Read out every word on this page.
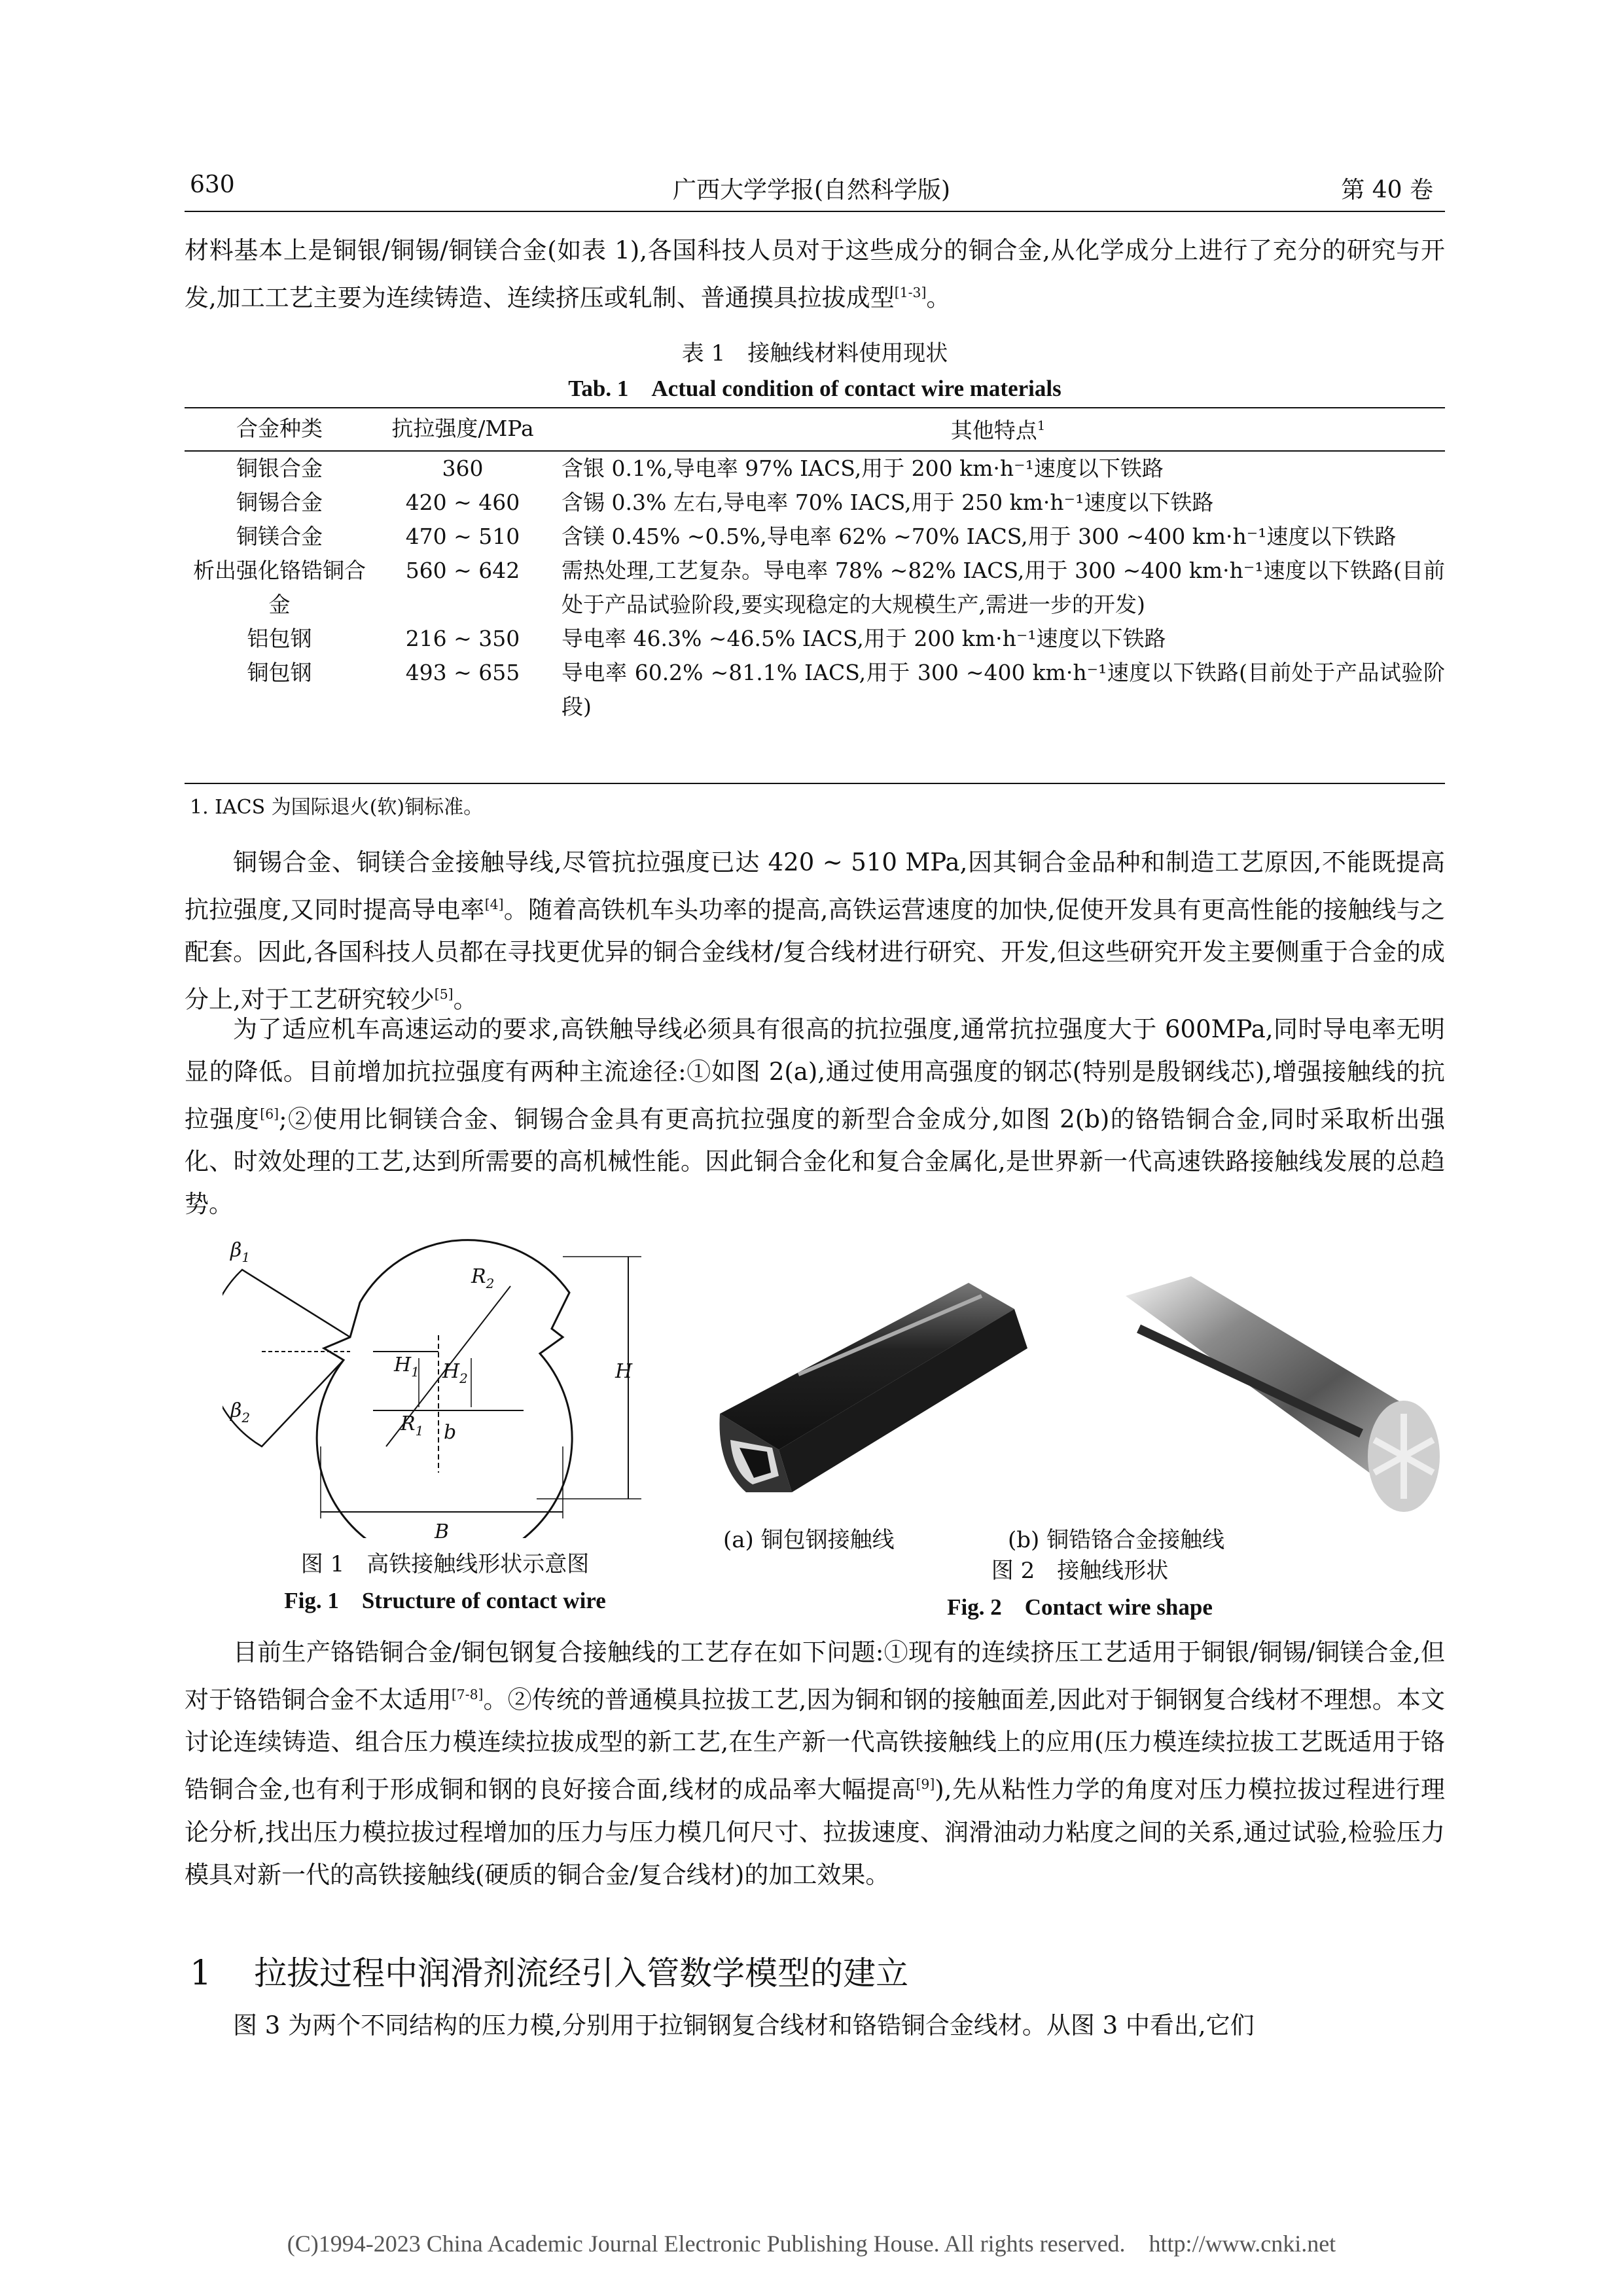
630	广西大学学报(自然科学版)	第 40 卷

材料基本上是铜银/铜锡/铜镁合金(如表 1),各国科技人员对于这些成分的铜合金,从化学成分上进行了充分的研究与开发,加工工艺主要为连续铸造、连续挤压或轧制、普通摸具拉拔成型[1-3]。

表 1　接触线材料使用现状
Tab. 1　Actual condition of contact wire materials
合金种类	抗拉强度/MPa	其他特点$^1$
铜银合金	360	含银 0.1%,导电率 97% IACS,用于 200 km·h⁻¹速度以下铁路
铜锡合金	420 ~ 460	含锡 0.3% 左右,导电率 70% IACS,用于 250 km·h⁻¹速度以下铁路
铜镁合金	470 ~ 510	含镁 0.45% ~0.5%,导电率 62% ~70% IACS,用于 300 ~400 km·h⁻¹速度以下铁路
析出强化铬锆铜合金	560 ~ 642	需热处理,工艺复杂。导电率 78% ~82% IACS,用于 300 ~400 km·h⁻¹速度以下铁路(目前处于产品试验阶段,要实现稳定的大规模生产,需进一步的开发)
铝包钢	216 ~ 350	导电率 46.3% ~46.5% IACS,用于 200 km·h⁻¹速度以下铁路
铜包钢	493 ~ 655	导电率 60.2% ~81.1% IACS,用于 300 ~400 km·h⁻¹速度以下铁路(目前处于产品试验阶段)
1. IACS 为国际退火(软)铜标准。

铜锡合金、铜镁合金接触导线,尽管抗拉强度已达 420 ~ 510 MPa,因其铜合金品种和制造工艺原因,不能既提高抗拉强度,又同时提高导电率[4]。随着高铁机车头功率的提高,高铁运营速度的加快,促使开发具有更高性能的接触线与之配套。因此,各国科技人员都在寻找更优异的铜合金线材/复合线材进行研究、开发,但这些研究开发主要侧重于合金的成分上,对于工艺研究较少[5]。

为了适应机车高速运动的要求,高铁触导线必须具有很高的抗拉强度,通常抗拉强度大于 600MPa,同时导电率无明显的降低。目前增加抗拉强度有两种主流途径:①如图 2(a),通过使用高强度的钢芯(特别是殷钢线芯),增强接触线的抗拉强度[6];②使用比铜镁合金、铜锡合金具有更高抗拉强度的新型合金成分,如图 2(b)的铬锆铜合金,同时采取析出强化、时效处理的工艺,达到所需要的高机械性能。因此铜合金化和复合金属化,是世界新一代高速铁路接触线发展的总趋势。

$\beta_1$
$\beta_2$
$R_2$
$R_1$
$H_1$ $H_2$	H
B
b
图 1　高铁接触线形状示意图
Fig. 1　Structure of contact wire
(a) 铜包钢接触线	(b) 铜锆铬合金接触线
图 2　接触线形状
Fig. 2　Contact wire shape

目前生产铬锆铜合金/铜包钢复合接触线的工艺存在如下问题:①现有的连续挤压工艺适用于铜银/铜锡/铜镁合金,但对于铬锆铜合金不太适用[7-8]。②传统的普通模具拉拔工艺,因为铜和钢的接触面差,因此对于铜钢复合线材不理想。本文讨论连续铸造、组合压力模连续拉拔成型的新工艺,在生产新一代高铁接触线上的应用(压力模连续拉拔工艺既适用于铬锆铜合金,也有利于形成铜和钢的良好接合面,线材的成品率大幅提高[9]),先从粘性力学的角度对压力模拉拔过程进行理论分析,找出压力模拉拔过程增加的压力与压力模几何尺寸、拉拔速度、润滑油动力粘度之间的关系,通过试验,检验压力模具对新一代的高铁接触线(硬质的铜合金/复合线材)的加工效果。

1 拉拔过程中润滑剂流经引入管数学模型的建立

图 3 为两个不同结构的压力模,分别用于拉铜钢复合线材和铬锆铜合金线材。从图 3 中看出,它们

(C)1994-2023 China Academic Journal Electronic Publishing House. All rights reserved.　http://www.cnki.net
